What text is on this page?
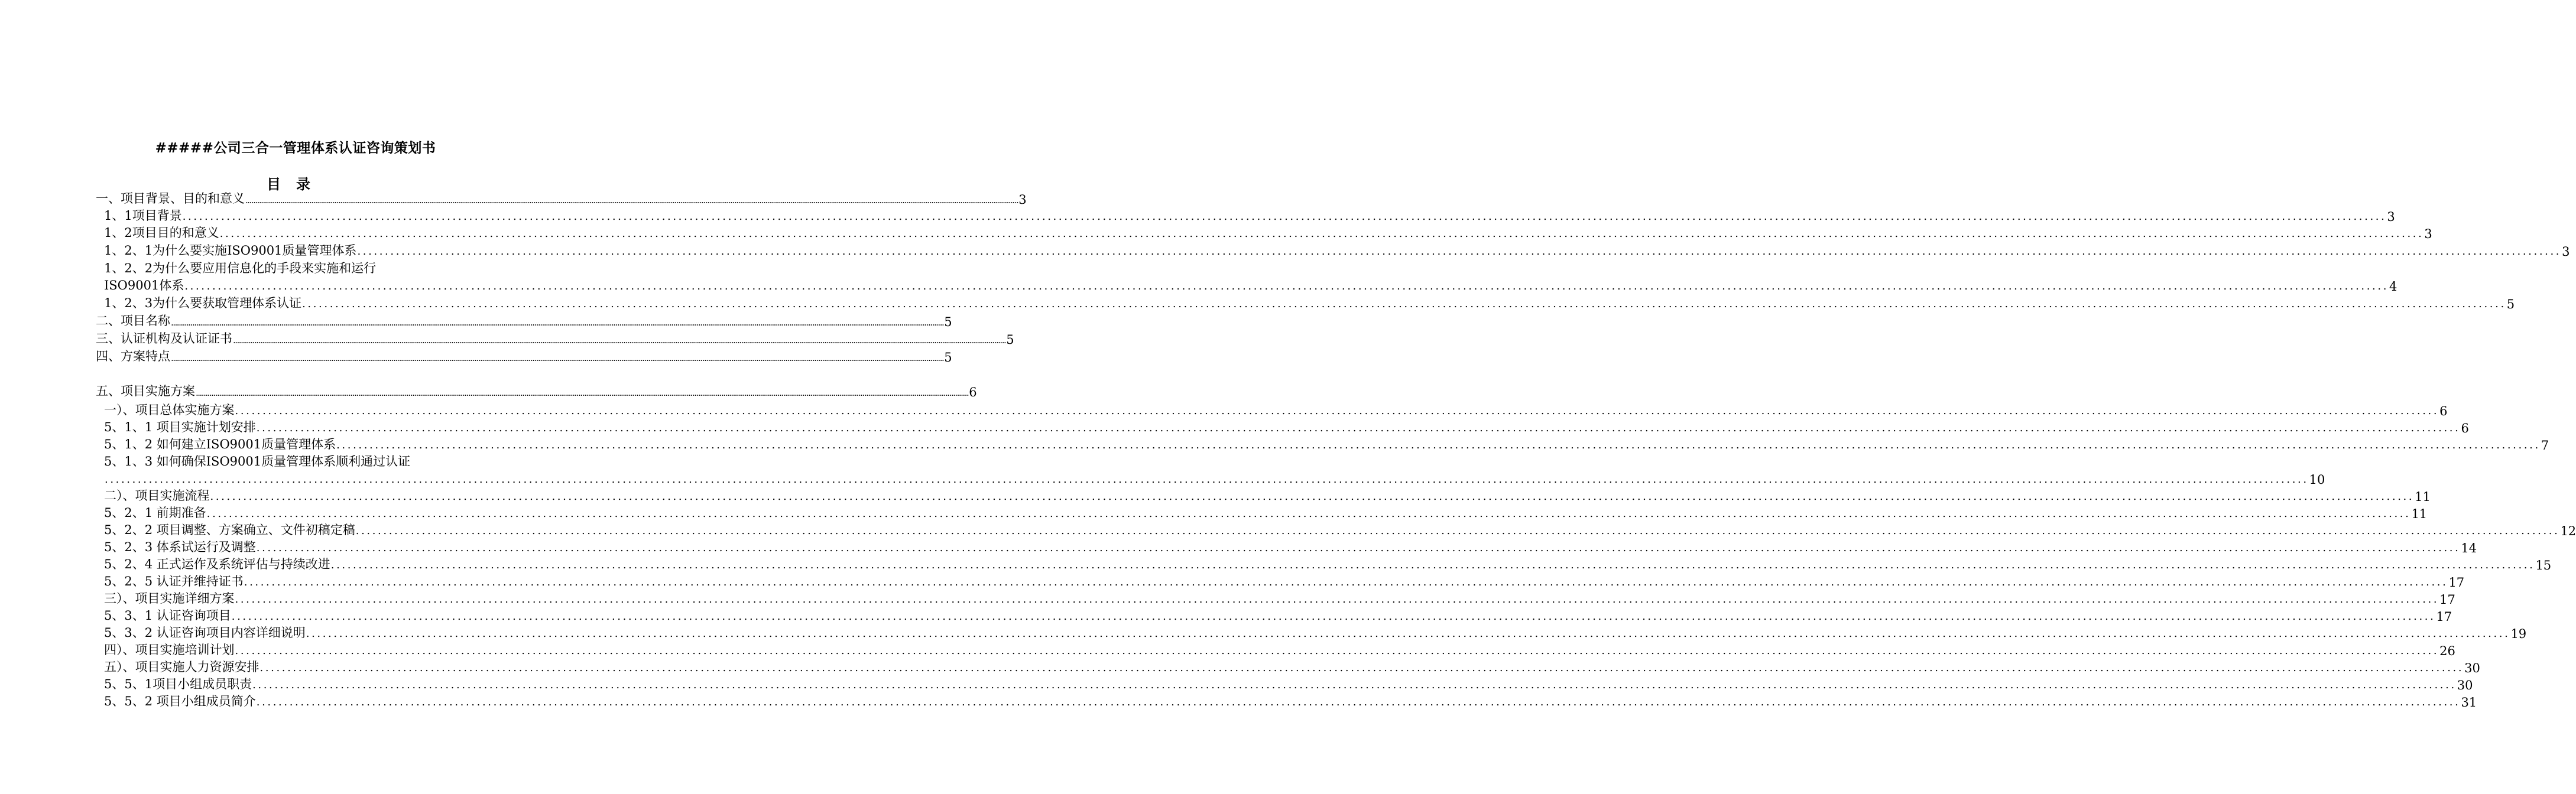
#####公司三合一管理体系认证咨询策划书
目录
一、项目背景、目的和意义 ................................................................................................................................................................................................................................................................................................................................................................................................................ 3
1、1项目背景 ................................................................................................................................................................................................................................................................................................................................................................................................................ 3
1、2项目目的和意义 ................................................................................................................................................................................................................................................................................................................................................................................................................ 3
1、2、1为什么要实施ISO9001质量管理体系 ................................................................................................................................................................................................................................................................................................................................................................................................................ 3
1、2、2为什么要应用信息化的手段来实施和运行
ISO9001体系 ................................................................................................................................................................................................................................................................................................................................................................................................................ 4
1、2、3为什么要获取管理体系认证 ................................................................................................................................................................................................................................................................................................................................................................................................................ 5
二、项目名称 ................................................................................................................................................................................................................................................................................................................................................................................................................ 5
三、认证机构及认证证书 ................................................................................................................................................................................................................................................................................................................................................................................................................ 5
四、方案特点 ................................................................................................................................................................................................................................................................................................................................................................................................................ 5
五、项目实施方案 ................................................................................................................................................................................................................................................................................................................................................................................................................ 6
一）、项目总体实施方案 ................................................................................................................................................................................................................................................................................................................................................................................................................ 6
5、1、1 项目实施计划安排 ................................................................................................................................................................................................................................................................................................................................................................................................................ 6
5、1、2 如何建立ISO9001质量管理体系 ................................................................................................................................................................................................................................................................................................................................................................................................................ 7
5、1、3 如何确保ISO9001质量管理体系顺利通过认证
................................................................................................................................................................................................................................................................................................................................................................................................................ 10
二）、项目实施流程 ................................................................................................................................................................................................................................................................................................................................................................................................................ 11
5、2、1 前期准备 ................................................................................................................................................................................................................................................................................................................................................................................................................ 11
5、2、2 项目调整、方案确立、文件初稿定稿 ................................................................................................................................................................................................................................................................................................................................................................................................................ 12
5、2、3 体系试运行及调整 ................................................................................................................................................................................................................................................................................................................................................................................................................ 14
5、2、4 正式运作及系统评估与持续改进 ................................................................................................................................................................................................................................................................................................................................................................................................................ 15
5、2、5 认证并维持证书 ................................................................................................................................................................................................................................................................................................................................................................................................................ 17
三）、项目实施详细方案 ................................................................................................................................................................................................................................................................................................................................................................................................................ 17
5、3、1 认证咨询项目 ................................................................................................................................................................................................................................................................................................................................................................................................................ 17
5、3、2 认证咨询项目内容详细说明 ................................................................................................................................................................................................................................................................................................................................................................................................................ 19
四）、项目实施培训计划 ................................................................................................................................................................................................................................................................................................................................................................................................................ 26
五）、项目实施人力资源安排 ................................................................................................................................................................................................................................................................................................................................................................................................................ 30
5、5、1项目小组成员职责 ................................................................................................................................................................................................................................................................................................................................................................................................................ 30
5、5、2 项目小组成员简介 ................................................................................................................................................................................................................................................................................................................................................................................................................ 31
